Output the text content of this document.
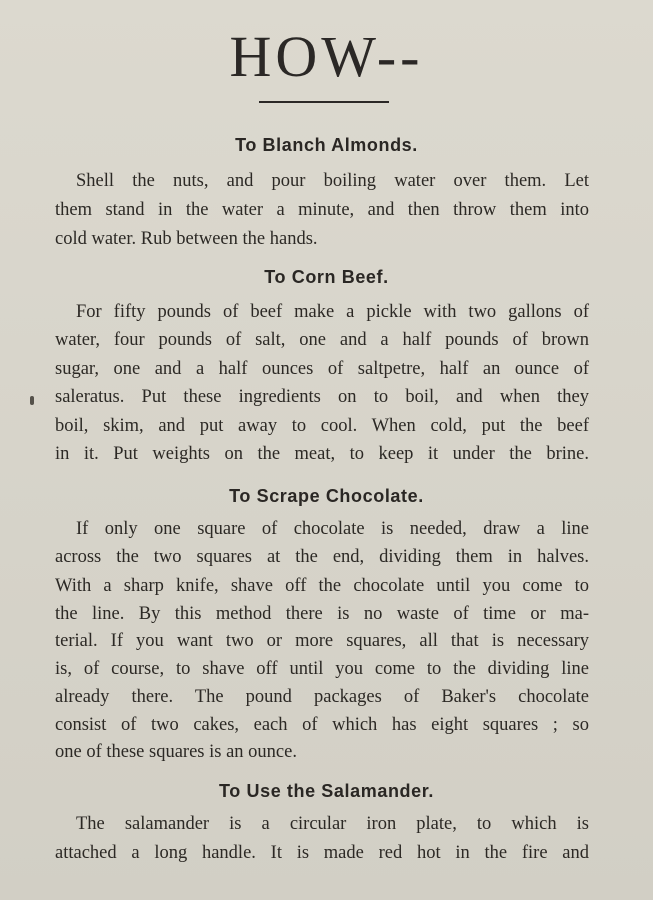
HOW--
To Blanch Almonds.

Shell the nuts, and pour boiling water over them. Let

them stand in the water a minute, and then throw them into

cold water. Rub between the hands.

To Corn Beef.

For fifty pounds of beef make a pickle with two gallons of

water, four pounds of salt, one and a half pounds of brown

sugar, one and a half ounces of saltpetre, half an ounce of

saleratus. Put these ingredients on to boil, and when they

boil, skim, and put away to cool. When cold, put the beef

in it. Put weights on the meat, to keep it under the brine.

To Scrape Chocolate.

If only one square of chocolate is needed, draw a line

across the two squares at the end, dividing them in halves.

With a sharp knife, shave off the chocolate until you come to

the line. By this method there is no waste of time or ma-

terial. If you want two or more squares, all that is necessary

is, of course, to shave off until you come to the dividing line

already there. The pound packages of Baker's chocolate

consist of two cakes, each of which has eight squares ; so

one of these squares is an ounce.

To Use the Salamander.

The salamander is a circular iron plate, to which is

attached a long handle. It is made red hot in the fire and
